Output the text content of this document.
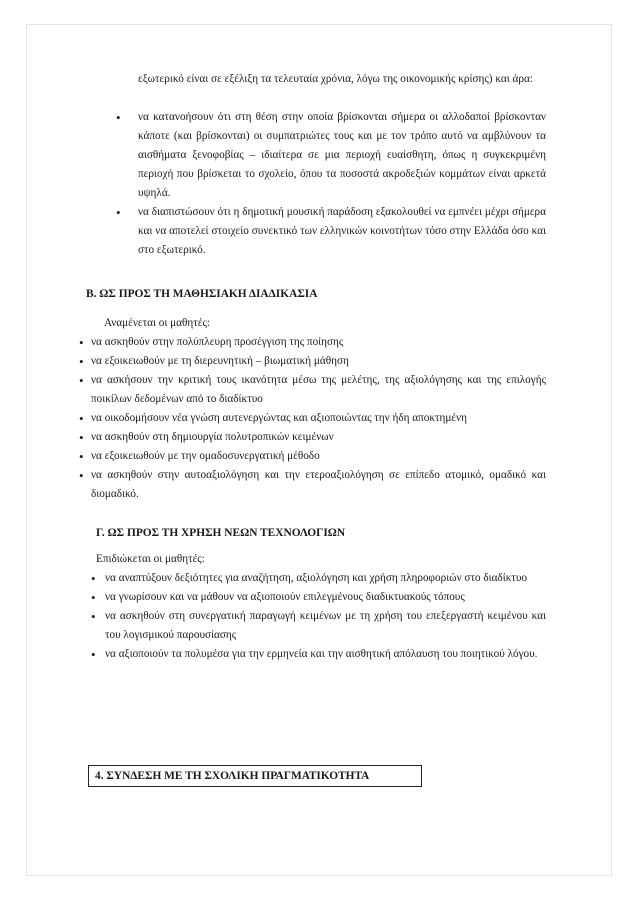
εξωτερικό είναι σε εξέλιξη τα τελευταία χρόνια, λόγω της οικονομικής κρίσης) και άρα:
• να κατανοήσουν ότι στη θέση στην οποία βρίσκονται σήμερα οι αλλοδαποί βρίσκονταν κάποτε (και βρίσκονται) οι συμπατριώτες τους και με τον τρόπο αυτό να αμβλύνουν τα αισθήματα ξενοφοβίας – ιδιαίτερα σε μια περιοχή ευαίσθητη, όπως η συγκεκριμένη περιοχή που βρίσκεται το σχολείο, όπου τα ποσοστά ακροδεξιών κομμάτων είναι αρκετά υψηλά.
• να διαπιστώσουν ότι η δημοτική μουσική παράδοση εξακολουθεί να εμπνέει μέχρι σήμερα και να αποτελεί στοιχείο συνεκτικό των ελληνικών κοινοτήτων τόσο στην Ελλάδα όσο και στο εξωτερικό.
Β. ΩΣ ΠΡΟΣ ΤΗ ΜΑΘΗΣΙΑΚΗ ΔΙΑΔΙΚΑΣΙΑ
Αναμένεται οι μαθητές:
• να ασκηθούν στην πολύπλευρη προσέγγιση της ποίησης
• να εξοικειωθούν με τη διερευνητική – βιωματική μάθηση
• να ασκήσουν την κριτική τους ικανότητα μέσω της μελέτης, της αξιολόγησης και της επιλογής ποικίλων δεδομένων από το διαδίκτυο
• να οικοδομήσουν νέα γνώση αυτενεργώντας και αξιοποιώντας την ήδη αποκτημένη
• να ασκηθούν στη δημιουργία πολυτροπικών κειμένων
• να εξοικειωθούν με την ομαδοσυνεργατική μέθοδο
• να ασκηθούν στην αυτοαξιολόγηση και την ετεροαξιολόγηση σε επίπεδο ατομικό, ομαδικό και διομαδικό.
Γ. ΩΣ ΠΡΟΣ ΤΗ ΧΡΗΣΗ ΝΕΩΝ ΤΕΧΝΟΛΟΓΙΩΝ
Επιδιώκεται οι μαθητές:
• να αναπτύξουν δεξιότητες για αναζήτηση, αξιολόγηση και χρήση πληροφοριών στο διαδίκτυο
• να γνωρίσουν και να μάθουν να αξιοποιούν επιλεγμένους διαδικτυακούς τόπους
• να ασκηθούν στη συνεργατική παραγωγή κειμένων με τη χρήση του επεξεργαστή κειμένου και του λογισμικού παρουσίασης
• να αξιοποιούν τα πολυμέσα για την ερμηνεία και την αισθητική απόλαυση του ποιητικού λόγου.
4. ΣΥΝΔΕΣΗ ΜΕ ΤΗ ΣΧΟΛΙΚΗ ΠΡΑΓΜΑΤΙΚΟΤΗΤΑ
